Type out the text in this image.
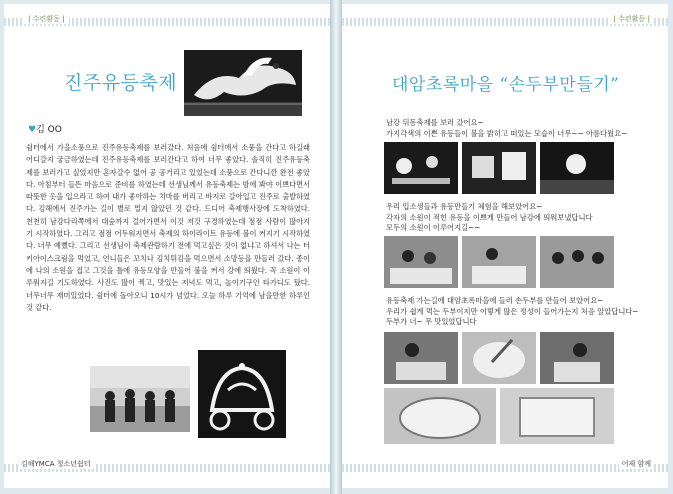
| 수련활동 |
진주유등축제
♥김 OO
쉼터에서 가을소풍으로 진주유등축제를 보러갔다. 처음에 쉼터에서 소풍을 간다고 하길래 어디갈지 궁금하였는데 진주유등축제를 보러간다고 하여 너무 좋았다. 솔직히 진주유등축제를 보러가고 싶었지만 혼자갈수 없어 공 공거리고 있었는데 소풍으로 간다니깐 완전 좋았다. 아침부터 들뜬 마음으로 준비를 하였는데 선생님께서 유등축제는 밤에 봐야 이쁘다면서 따뜻한 옷을 입으라고 하여 내가 좋아하는 치마를 버리고 바지로 갈아입고 진주로 출발하였다. 김해에서 진주가는 길이 별로 멀지 않았던 것 같다. 드디어 축제행사장에 도착하였다. 천천히 남강다리쪽에서 대숲까지 걸어가면서 이것 저것 구경하였는데 점점 사람이 많아지기 시작하였다. 그리고 점점 어두워지면서 축제의 하이라이트 유등에 불이 켜지기 시작하였다. 너무 예뻤다. 그리고 선생님이 축제관람하기 전에 먹고싶은 것이 없냐고 하셔서 나는 터키아이스크림을 먹었고, 언니들은 꼬치나 김치튀김을 먹으면서 소망등을 만들러 갔다. 종이에 나의 소원을 접고 그것을 틀에 유등모양을 만들어 불을 켜서 강에 띄웠다. 꼭 소원이 이루워지길 기도하였다. 사진도 많이 찍고, 맛있는 저녁도 먹고, 놀이기구인 타가디도 탔다. 너무너무 재미있었다. 쉼터에 돌아오니 10시가 넘었다. 오늘 하루 기억에 남을만한 하루인 것 같다.
김해YMCA 청소년쉼터
| 수련활동 |
대암초록마을 “손두부만들기”
남강 뒤동축제를 보러 갔어요~
가지각색의 이쁜 유등들이 불을 밝히고 떠있는 모습이 너무~~ 아름다웠요~
우리 입소생들과 유등만들기 체험을 해보았어요~
각자의 소원이 적힌 유등을 이쁘게 만들어 남강에 띄워보냈답니다
모두의 소원이 이루어지길~~
유등축제 가는길에 대암초록마을에 들러 손두부를 만들어 보았어요~
우리가 쉽게 먹는 두부이지만 이렇게 많은 정성이 들어가는지 처음 알았답니다~
두부가 너~ 무 맛있었답니다
어제 함께
